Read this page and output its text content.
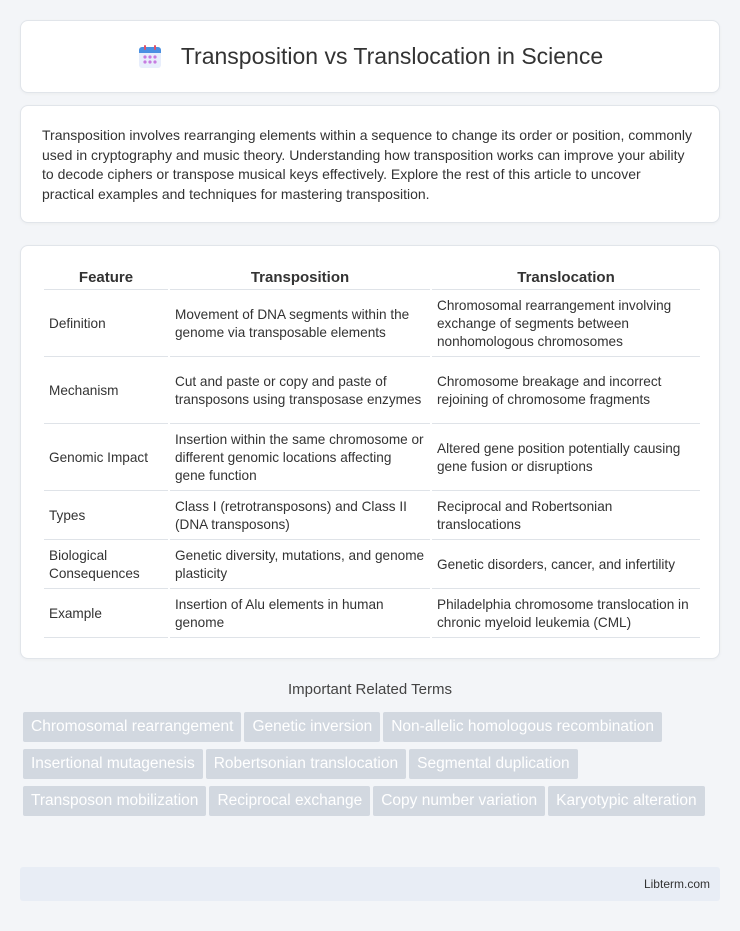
Transposition vs Translocation in Science

Transposition involves rearranging elements within a sequence to change its order or position, commonly used in cryptography and music theory. Understanding how transposition works can improve your ability to decode ciphers or transpose musical keys effectively. Explore the rest of this article to uncover practical examples and techniques for mastering transposition.

Feature	Transposition	Translocation
Definition	Movement of DNA segments within the genome via transposable elements	Chromosomal rearrangement involving exchange of segments between nonhomologous chromosomes
Mechanism	Cut and paste or copy and paste of transposons using transposase enzymes	Chromosome breakage and incorrect rejoining of chromosome fragments
Genomic Impact	Insertion within the same chromosome or different genomic locations affecting gene function	Altered gene position potentially causing gene fusion or disruptions
Types	Class I (retrotransposons) and Class II (DNA transposons)	Reciprocal and Robertsonian translocations
Biological Consequences	Genetic diversity, mutations, and genome plasticity	Genetic disorders, cancer, and infertility
Example	Insertion of Alu elements in human genome	Philadelphia chromosome translocation in chronic myeloid leukemia (CML)
Important Related Terms
Chromosomal rearrangement	Genetic inversion	Non-allelic homologous recombination
Insertional mutagenesis	Robertsonian translocation	Segmental duplication
Transposon mobilization	Reciprocal exchange	Copy number variation	Karyotypic alteration
Libterm.com
